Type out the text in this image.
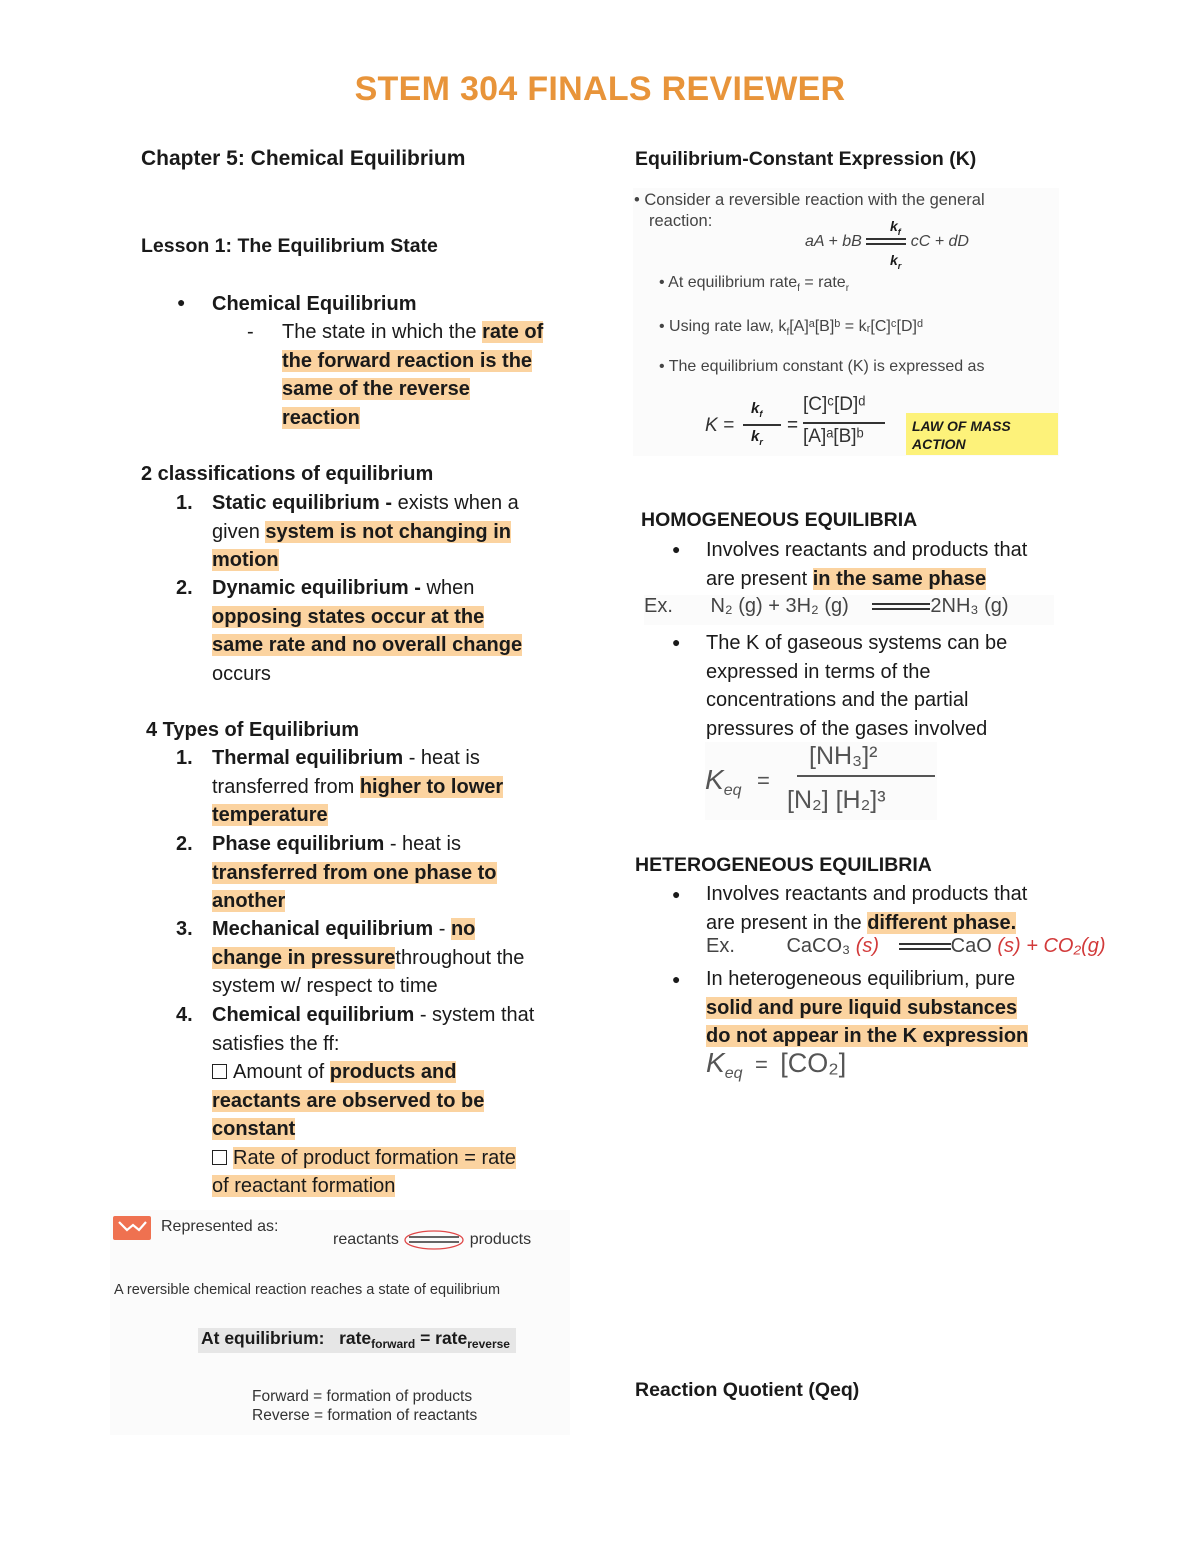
STEM 304 FINALS REVIEWER
Chapter 5: Chemical Equilibrium
Lesson 1: The Equilibrium State
● Chemical Equilibrium
- The state in which the rate of
the forward reaction is the
same of the reverse
reaction
2 classifications of equilibrium
1. Static equilibrium - exists when a
given system is not changing in
motion
2. Dynamic equilibrium - when
opposing states occur at the
same rate and no overall change
occurs
4 Types of Equilibrium
1. Thermal equilibrium - heat is
transferred from higher to lower
temperature
2. Phase equilibrium - heat is
transferred from one phase to
another
3. Mechanical equilibrium - no
change in pressurethroughout the
system w/ respect to time
4. Chemical equilibrium - system that
satisfies the ff:
Amount of products and
reactants are observed to be
constant
Rate of product formation = rate
of reactant formation
Represented as:
reactants ⇌ products
A reversible chemical reaction reaches a state of equilibrium
At equilibrium: rate$_{forward}$ = rate$_{reverse}$
Forward = formation of products
Reverse = formation of reactants
Equilibrium-Constant Expression (K)
• Consider a reversible reaction with the general
reaction:
aA + bB	cC + dD
$k_f$
$k_r$
• At equilibrium rate$_f$ = rate$_r$
• Using rate law, $k_f[A]ᵃ[B]ᵇ$ = kᵣ[C]ᶜ[D]ᵈ
• The equilibrium constant (K) is expressed as
K =
$k_f$
$k_r$
=
[C]ᶜ[D]ᵈ
[A]ᵃ[B]ᵇ	LAW OF MASS
ACTION
HOMOGENEOUS EQUILIBRIA
● Involves reactants and products that
are present in the same phase
Ex. N₂ (g) + 3H₂ (g)	2NH₃ (g)
● The K of gaseous systems can be
expressed in terms of the
concentrations and the partial
pressures of the gases involved
$K_{eq}$ =
[NH₃]²
[N₂] [H₂]³
HETEROGENEOUS EQUILIBRIA
● Involves reactants and products that
are present in the different phase.
Ex.	CaCO₃ (s)	CaO (s) + CO₂(g)
● In heterogeneous equilibrium, pure
solid and pure liquid substances
do not appear in the K expression
$K_{eq} = [CO_2]$
Reaction Quotient (Qeq)
